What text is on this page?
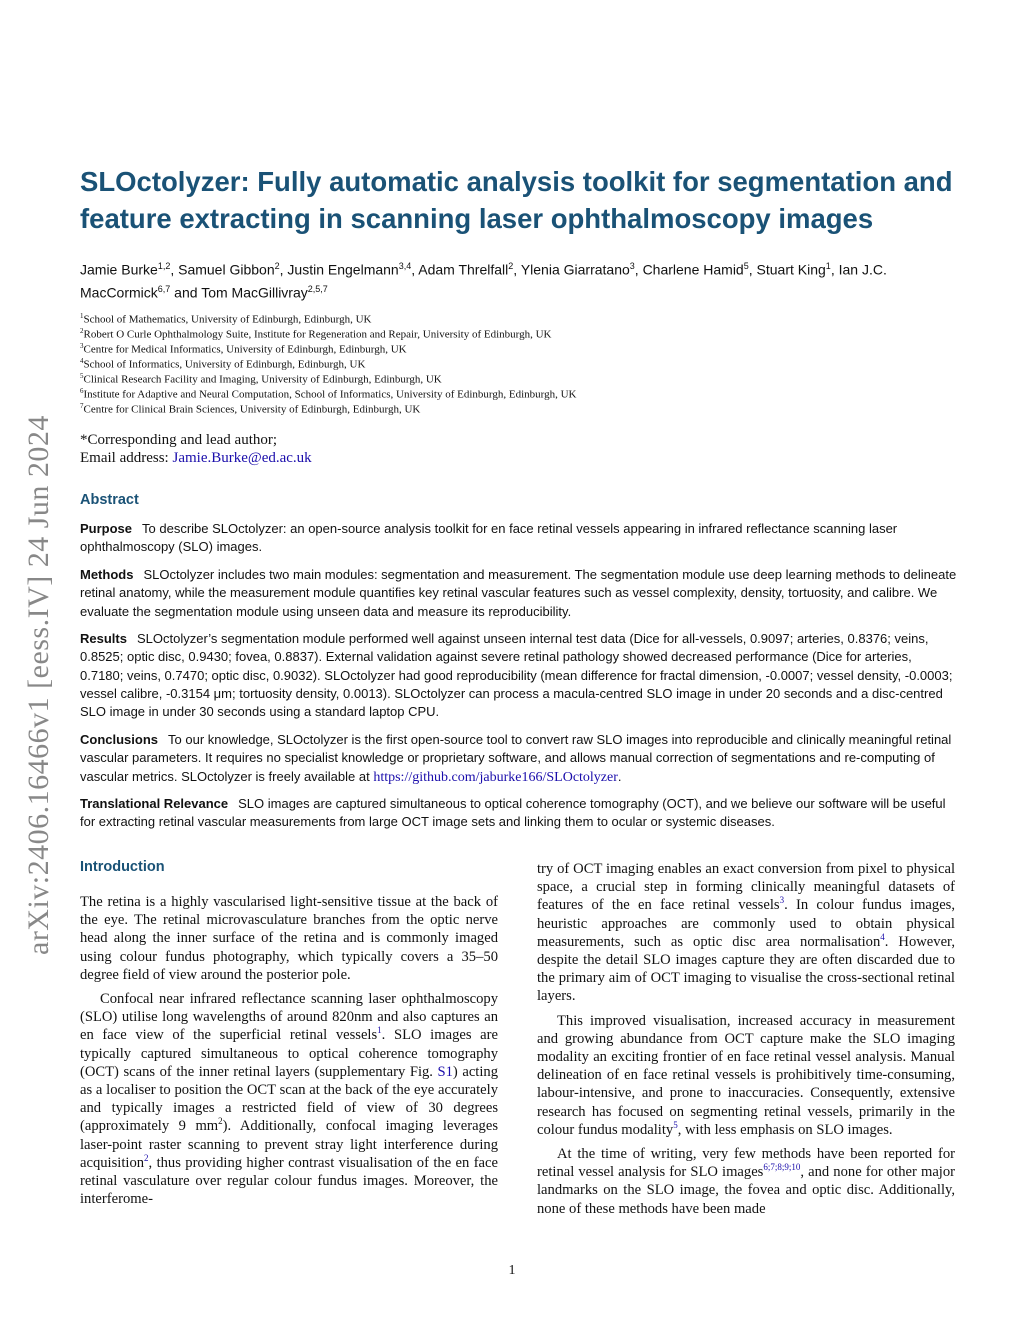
arXiv:2406.16466v1 [eess.IV] 24 Jun 2024
SLOctolyzer: Fully automatic analysis toolkit for segmentation and feature extracting in scanning laser ophthalmoscopy images
Jamie Burke$^{1,2}$, Samuel Gibbon$^2$, Justin Engelmann$^{3,4}$, Adam Threlfall$^2$, Ylenia Giarratano$^3$, Charlene Hamid$^5$, Stuart King$^1$, Ian J.C. MacCormick$^{6,7}$ and Tom MacGillivray$^{2,5,7}$
$^1$School of Mathematics, University of Edinburgh, Edinburgh, UK
$^2$Robert O Curle Ophthalmology Suite, Institute for Regeneration and Repair, University of Edinburgh, UK
$^3$Centre for Medical Informatics, University of Edinburgh, Edinburgh, UK
$^4$School of Informatics, University of Edinburgh, Edinburgh, UK
$^5$Clinical Research Facility and Imaging, University of Edinburgh, Edinburgh, UK
$^6$Institute for Adaptive and Neural Computation, School of Informatics, University of Edinburgh, Edinburgh, UK
$^7$Centre for Clinical Brain Sciences, University of Edinburgh, Edinburgh, UK
*Corresponding and lead author;
Email address: Jamie.Burke@ed.ac.uk
Abstract

Purpose To describe SLOctolyzer: an open-source analysis toolkit for en face retinal vessels appearing in infrared reflectance scanning laser ophthalmoscopy (SLO) images.

Methods SLOctolyzer includes two main modules: segmentation and measurement. The segmentation module use deep learning methods to delineate retinal anatomy, while the measurement module quantifies key retinal vascular features such as vessel complexity, density, tortuosity, and calibre. We evaluate the segmentation module using unseen data and measure its reproducibility.

Results SLOctolyzer’s segmentation module performed well against unseen internal test data (Dice for all-vessels, 0.9097; arteries, 0.8376; veins, 0.8525; optic disc, 0.9430; fovea, 0.8837). External validation against severe retinal pathology showed decreased performance (Dice for arteries, 0.7180; veins, 0.7470; optic disc, 0.9032). SLOctolyzer had good reproducibility (mean difference for fractal dimension, -0.0007; vessel density, -0.0003; vessel calibre, -0.3154 μm; tortuosity density, 0.0013). SLOctolyzer can process a macula-centred SLO image in under 20 seconds and a disc-centred SLO image in under 30 seconds using a standard laptop CPU.

Conclusions To our knowledge, SLOctolyzer is the first open-source tool to convert raw SLO images into reproducible and clinically meaningful retinal vascular parameters. It requires no specialist knowledge or proprietary software, and allows manual correction of segmentations and re-computing of vascular metrics. SLOctolyzer is freely available at https://github.com/jaburke166/SLOctolyzer.

Translational Relevance SLO images are captured simultaneous to optical coherence tomography (OCT), and we believe our software will be useful for extracting retinal vascular measurements from large OCT image sets and linking them to ocular or systemic diseases.

Introduction

The retina is a highly vascularised light-sensitive tissue at the back of the eye. The retinal microvasculature branches from the optic nerve head along the inner surface of the retina and is commonly imaged using colour fundus photography, which typically covers a 35–50 degree field of view around the posterior pole.

Confocal near infrared reflectance scanning laser ophthalmoscopy (SLO) utilise long wavelengths of around 820nm and also captures an en face view of the superficial retinal vessels$^1$. SLO images are typically captured simultaneous to optical coherence tomography (OCT) scans of the inner retinal layers (supplementary Fig. S1) acting as a localiser to position the OCT scan at the back of the eye accurately and typically images a restricted field of view of 30 degrees (approximately 9 $mm^2$). Additionally, confocal imaging leverages laser-point raster scanning to prevent stray light interference during acquisition$^2$, thus providing higher contrast visualisation of the en face retinal vasculature over regular colour fundus images. Moreover, the interferome-

try of OCT imaging enables an exact conversion from pixel to physical space, a crucial step in forming clinically meaningful datasets of features of the en face retinal vessels$^3$. In colour fundus images, heuristic approaches are commonly used to obtain physical measurements, such as optic disc area normalisation$^4$. However, despite the detail SLO images capture they are often discarded due to the primary aim of OCT imaging to visualise the cross-sectional retinal layers.

This improved visualisation, increased accuracy in measurement and growing abundance from OCT capture make the SLO imaging modality an exciting frontier of en face retinal vessel analysis. Manual delineation of en face retinal vessels is prohibitively time-consuming, labour-intensive, and prone to inaccuracies. Consequently, extensive research has focused on segmenting retinal vessels, primarily in the colour fundus modality$^5$, with less emphasis on SLO images.

At the time of writing, very few methods have been reported for retinal vessel analysis for SLO images$^{6;7;8;9;10}$, and none for other major landmarks on the SLO image, the fovea and optic disc. Additionally, none of these methods have been made

1
